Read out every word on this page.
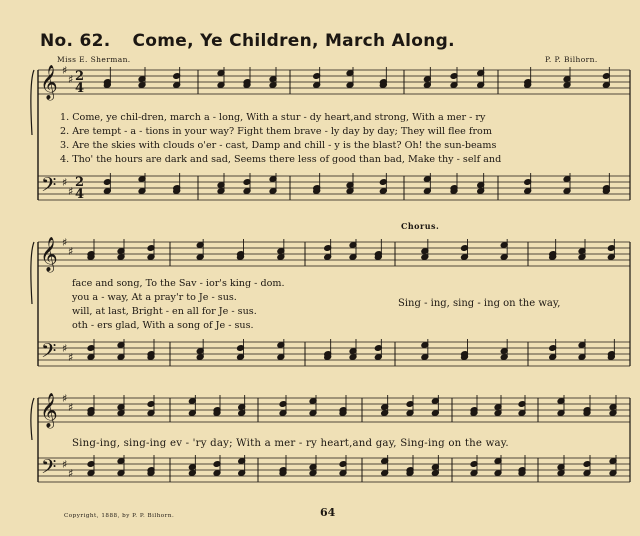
𝄞
𝄢
♯
♯
♯
♯
2
4
2
4
𝄞
𝄢
♯
♯
♯
♯
𝄞
𝄢
♯
♯
♯
♯
No. 62. Come, Ye Children, March Along.
Miss E. Sherman.	P. P. Bilhorn.
1. Come, ye chil-dren, march a - long, With a stur - dy heart,and strong, With a mer - ry
2. Are tempt - a - tions in your way? Fight them brave - ly day by day; They will flee from
3. Are the skies with clouds o'er - cast, Damp and chill - y is the blast? Oh! the sun-beams
4. Tho' the hours are dark and sad, Seems there less of good than bad, Make thy - self and
Chorus.
face and song, To the Sav - ior's king - dom.
you a - way, At a pray'r to Je - sus.
will, at last, Bright - en all for Je - sus.
oth - ers glad, With a song of Je - sus.
Sing - ing, sing - ing on the way,
Sing-ing, sing-ing ev - 'ry day; With a mer - ry heart,and gay, Sing-ing on the way.
Copyright, 1888, by P. P. Bilhorn.	64
